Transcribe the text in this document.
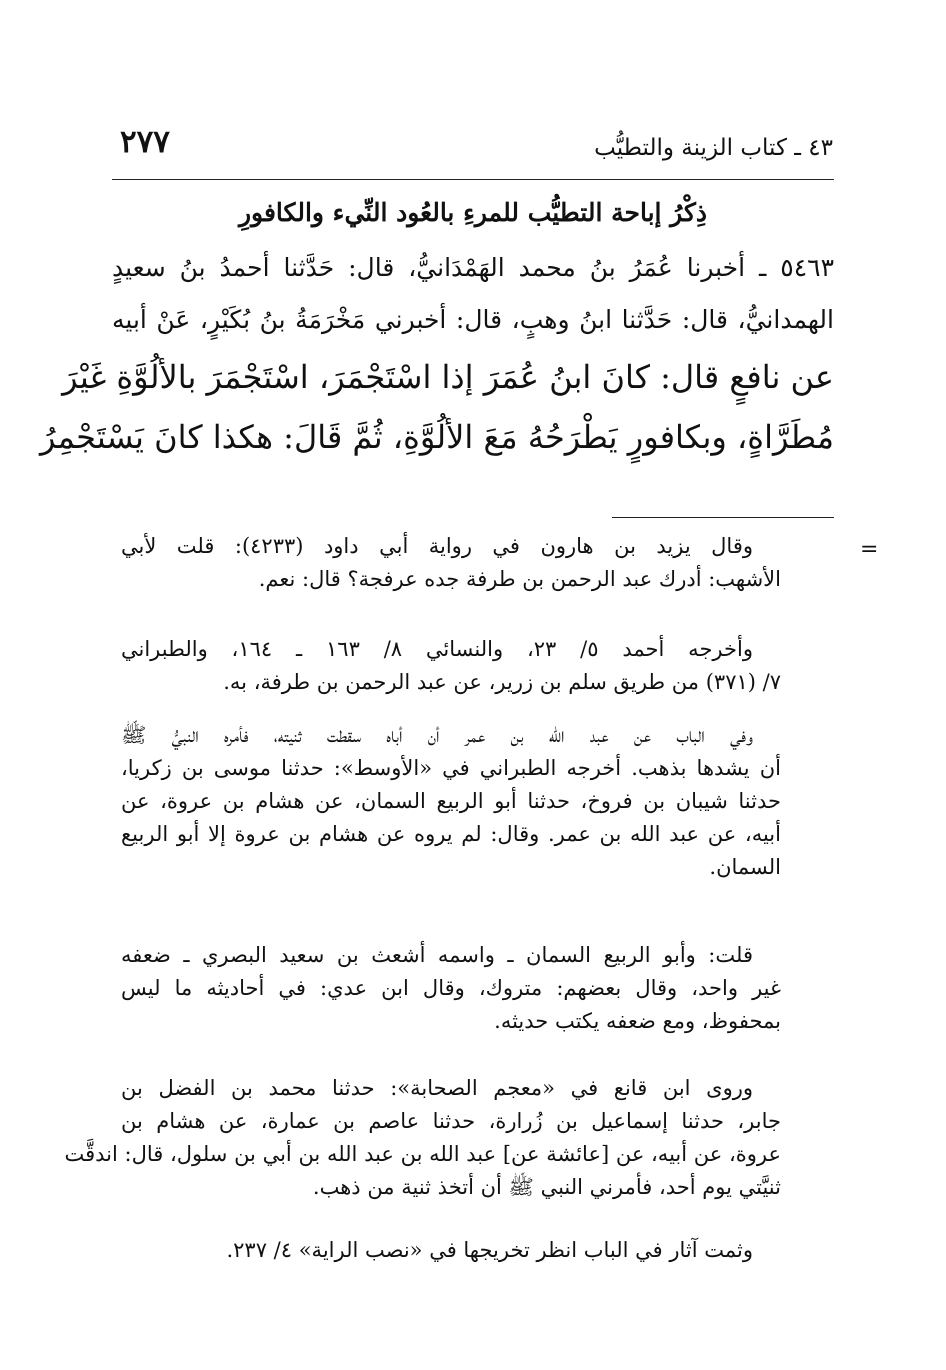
٢٧٧	٤٣ ـ كتاب الزينة والتطيُّب
ذِكْرُ إباحة التطيُّب للمرءِ بالعُود النِّيء والكافورِ
٥٤٦٣ ـ أخبرنا عُمَرُ بنُ محمد الهَمْدَانيُّ، قال: حَدَّثنا أحمدُ بنُ سعيدٍ
الهمدانيُّ، قال: حَدَّثنا ابنُ وهبٍ، قال: أخبرني مَخْرَمَةُ بنُ بُكَيْرٍ، عَنْ أبيه
عن نافعٍ قال: كانَ ابنُ عُمَرَ إذا اسْتَجْمَرَ، اسْتَجْمَرَ بالألُوَّةِ غَيْرَ
مُطَرَّاةٍ، وبكافورٍ يَطْرَحُهُ مَعَ الألُوَّةِ، ثُمَّ قَالَ: هكذا كانَ يَسْتَجْمِرُ
=
وقال يزيد بن هارون في رواية أبي داود (٤٢٣٣): قلت لأبي
الأشهب: أدرك عبد الرحمن بن طرفة جده عرفجة؟ قال: نعم.
وأخرجه أحمد ٥/ ٢٣، والنسائي ٨/ ١٦٣ ـ ١٦٤، والطبراني
٧/ (٣٧١) من طريق سلم بن زرير، عن عبد الرحمن بن طرفة، به.
وفي الباب عن عبد الله بن عمر أن أباه سقطت ثنيته، فأمره النبيُّ ﷺ
أن يشدها بذهب. أخرجه الطبراني في «الأوسط»: حدثنا موسى بن زكريا،
حدثنا شيبان بن فروخ، حدثنا أبو الربيع السمان، عن هشام بن عروة، عن
أبيه، عن عبد الله بن عمر. وقال: لم يروه عن هشام بن عروة إلا أبو الربيع
السمان.
قلت: وأبو الربيع السمان ـ واسمه أشعث بن سعيد البصري ـ ضعفه
غير واحد، وقال بعضهم: متروك، وقال ابن عدي: في أحاديثه ما ليس
بمحفوظ، ومع ضعفه يكتب حديثه.
وروى ابن قانع في «معجم الصحابة»: حدثنا محمد بن الفضل بن
جابر، حدثنا إسماعيل بن زُرارة، حدثنا عاصم بن عمارة، عن هشام بن
عروة، عن أبيه، عن [عائشة عن] عبد الله بن عبد الله بن أبي بن سلول، قال: اندقَّت
ثنيَّتي يوم أحد، فأمرني النبي ﷺ أن أتخذ ثنية من ذهب.
وثمت آثار في الباب انظر تخريجها في «نصب الراية» ٤/ ٢٣٧.
